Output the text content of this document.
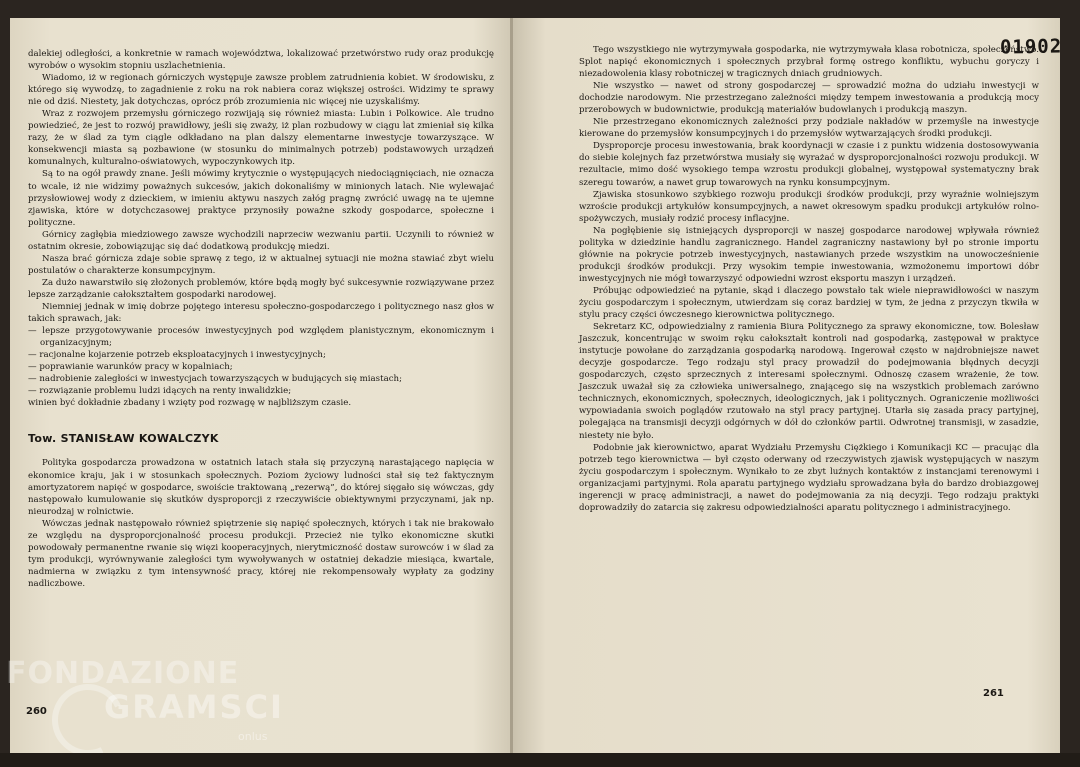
dalekiej odległości, a konkretnie w ramach województwa, lokalizować przetwórstwo rudy oraz produkcję wyrobów o wysokim stopniu uszlachetnienia.

Wiadomo, iż w regionach górniczych występuje zawsze problem zatrudnienia kobiet. W środowisku, z którego się wywodzę, to zagadnienie z roku na rok nabiera coraz większej ostrości. Widzimy te sprawy nie od dziś. Niestety, jak dotychczas, oprócz prób zrozumienia nic więcej nie uzyskaliśmy.

Wraz z rozwojem przemysłu górniczego rozwijają się również miasta: Lubin i Polkowice. Ale trudno powiedzieć, że jest to rozwój prawidłowy, jeśli się zważy, iż plan rozbudowy w ciągu lat zmieniał się kilka razy, że w ślad za tym ciągle odkładano na plan dalszy elementarne inwestycje towarzyszące. W konsekwencji miasta są pozbawione (w stosunku do minimalnych potrzeb) podstawowych urządzeń komunalnych, kulturalno-oświatowych, wypoczynkowych itp.

Są to na ogół prawdy znane. Jeśli mówimy krytycznie o występujących niedociągnięciach, nie oznacza to wcale, iż nie widzimy poważnych sukcesów, jakich dokonaliśmy w minionych latach. Nie wylewajać przysłowiowej wody z dzieckiem, w imieniu aktywu naszych załóg pragnę zwrócić uwagę na te ujemne zjawiska, które w dotychczasowej praktyce przynosiły poważne szkody gospodarce, społeczne i polityczne.

Górnicy zagłębia miedziowego zawsze wychodzili naprzeciw wezwaniu partii. Uczynili to również w ostatnim okresie, zobowiązując się dać dodatkową produkcję miedzi.

Nasza brać górnicza zdaje sobie sprawę z tego, iż w aktualnej sytuacji nie można stawiać zbyt wielu postulatów o charakterze konsumpcyjnym.

Za dużo nawarstwiło się złożonych problemów, które będą mogły być sukcesywnie rozwiązywane przez lepsze zarządzanie całokształtem gospodarki narodowej.

Niemniej jednak w imię dobrze pojętego interesu społeczno-gospodarczego i politycznego nasz głos w takich sprawach, jak:

— lepsze przygotowywanie procesów inwestycyjnych pod względem planistycznym, ekonomicznym i organizacyjnym;
— racjonalne kojarzenie potrzeb eksploatacyjnych i inwestycyjnych;
— poprawianie warunków pracy w kopalniach;
— nadrobienie zaległości w inwestycjach towarzyszących w budujących się miastach;
— rozwiązanie problemu ludzi idących na renty inwalidzkie;

winien być dokładnie zbadany i wzięty pod rozwagę w najbliższym czasie.

Tow. STANISŁAW KOWALCZYK

Polityka gospodarcza prowadzona w ostatnich latach stała się przyczyną narastającego napięcia w ekonomice kraju, jak i w stosunkach społecznych. Poziom życiowy ludności stał się też faktycznym amortyzatorem napięć w gospodarce, swoiście traktowaną „rezerwą”, do której sięgało się wówczas, gdy następowało kumulowanie się skutków dysproporcji z rzeczywiście obiektywnymi przyczynami, jak np. nieurodzaj w rolnictwie.

Wówczas jednak następowało również spiętrzenie się napięć społecznych, których i tak nie brakowało ze względu na dysproporcjonalność procesu produkcji. Przecież nie tylko ekonomiczne skutki powodowały permanentne rwanie się więzi kooperacyjnych, nierytmiczność dostaw surowców i w ślad za tym produkcji, wyrównywanie zaległości tym wywoływanych w ostatniej dekadzie miesiąca, kwartale, nadmierna w związku z tym intensywność pracy, której nie rekompensowały wypłaty za godziny nadliczbowe.

260

Tego wszystkiego nie wytrzymywała gospodarka, nie wytrzymywała klasa robotnicza, społeczeństwo. Splot napięć ekonomicznych i społecznych przybrał formę ostrego konfliktu, wybuchu goryczy i niezadowolenia klasy robotniczej w tragicznych dniach grudniowych.

Nie wszystko — nawet od strony gospodarczej — sprowadzić można do udziału inwestycji w dochodzie narodowym. Nie przestrzegano zależności między tempem inwestowania a produkcją mocy przerobowych w budownictwie, produkcją materiałów budowlanych i produkcją maszyn.

Nie przestrzegano ekonomicznych zależności przy podziale nakładów w przemyśle na inwestycje kierowane do przemysłów konsumpcyjnych i do przemysłów wytwarzających środki produkcji.

Dysproporcje procesu inwestowania, brak koordynacji w czasie i z punktu widzenia dostosowywania do siebie kolejnych faz przetwórstwa musiały się wyrażać w dysproporcjonalności rozwoju produkcji. W rezultacie, mimo dość wysokiego tempa wzrostu produkcji globalnej, występował systematyczny brak szeregu towarów, a nawet grup towarowych na rynku konsumpcyjnym.

Zjawiska stosunkowo szybkiego rozwoju produkcji środków produkcji, przy wyraźnie wolniejszym wzroście produkcji artykułów konsumpcyjnych, a nawet okresowym spadku produkcji artykułów rolno-spożywczych, musiały rodzić procesy inflacyjne.

Na pogłębienie się istniejących dysproporcji w naszej gospodarce narodowej wpływała również polityka w dziedzinie handlu zagranicznego. Handel zagraniczny nastawiony był po stronie importu głównie na pokrycie potrzeb inwestycyjnych, nastawianych przede wszystkim na unowocześnienie produkcji środków produkcji. Przy wysokim tempie inwestowania, wzmożonemu importowi dóbr inwestycyjnych nie mógł towarzyszyć odpowiedni wzrost eksportu maszyn i urządzeń.

Próbując odpowiedzieć na pytanie, skąd i dlaczego powstało tak wiele nieprawidłowości w naszym życiu gospodarczym i społecznym, utwierdzam się coraz bardziej w tym, że jedna z przyczyn tkwiła w stylu pracy części ówczesnego kierownictwa politycznego.

Sekretarz KC, odpowiedzialny z ramienia Biura Politycznego za sprawy ekonomiczne, tow. Bolesław Jaszczuk, koncentrując w swoim ręku całokształt kontroli nad gospodarką, zastępował w praktyce instytucje powołane do zarządzania gospodarką narodową. Ingerował często w najdrobniejsze nawet decyzje gospodarcze. Tego rodzaju styl pracy prowadził do podejmowania błędnych decyzji gospodarczych, często sprzecznych z interesami społecznymi. Odnoszę czasem wrażenie, że tow. Jaszczuk uważał się za człowieka uniwersalnego, znającego się na wszystkich problemach zarówno technicznych, ekonomicznych, społecznych, ideologicznych, jak i politycznych. Ograniczenie możliwości wypowiadania swoich poglądów rzutowało na styl pracy partyjnej. Utarła się zasada pracy partyjnej, polegająca na transmisji decyzji odgórnych w dół do członków partii. Odwrotnej transmisji, w zasadzie, niestety nie było.

Podobnie jak kierownictwo, aparat Wydziału Przemysłu Ciężkiego i Komunikacji KC — pracując dla potrzeb tego kierownictwa — był często oderwany od rzeczywistych zjawisk występujących w naszym życiu gospodarczym i społecznym. Wynikało to ze zbyt luźnych kontaktów z instancjami terenowymi i organizacjami partyjnymi. Rola aparatu partyjnego wydziału sprowadzana była do bardzo drobiazgowej ingerencji w pracę administracji, a nawet do podejmowania za nią decyzji. Tego rodzaju praktyki doprowadziły do zatarcia się zakresu odpowiedzialności aparatu politycznego i administracyjnego.

261
01902
FONDAZIONE
GRAMSCI
onlus
